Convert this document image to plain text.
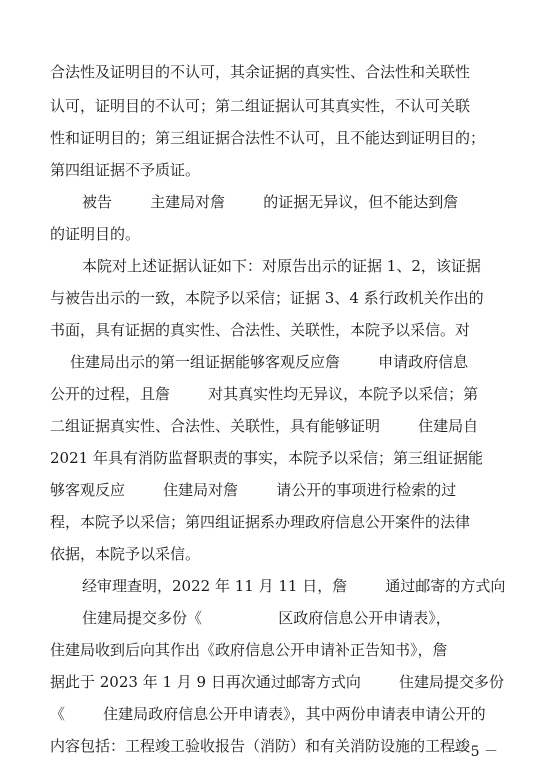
合法性及证明目的不认可，其余证据的真实性、合法性和关联性
认可，证明目的不认可；第二组证据认可其真实性，不认可关联
性和证明目的；第三组证据合法性不认可，且不能达到证明目的；
第四组证据不予质证。
被告        主建局对詹        的证据无异议，但不能达到詹
的证明目的。
本院对上述证据认证如下：对原告出示的证据 1、2，该证据
与被告出示的一致，本院予以采信；证据 3、4 系行政机关作出的
书面，具有证据的真实性、合法性、关联性，本院予以采信。对
住建局出示的第一组证据能够客观反应詹        申请政府信息
公开的过程，且詹        对其真实性均无异议，本院予以采信；第
二组证据真实性、合法性、关联性，具有能够证明        住建局自
2021 年具有消防监督职责的事实，本院予以采信；第三组证据能
够客观反应        住建局对詹        请公开的事项进行检索的过
程，本院予以采信；第四组证据系办理政府信息公开案件的法律
依据，本院予以采信。
经审理查明，2022 年 11 月 11 日，詹        通过邮寄的方式向
住建局提交多份《                区政府信息公开申请表》，
住建局收到后向其作出《政府信息公开申请补正告知书》，詹
据此于 2023 年 1 月 9 日再次通过邮寄方式向        住建局提交多份
《        住建局政府信息公开申请表》，其中两份申请表申请公开的
内容包括：工程竣工验收报告（消防）和有关消防设施的工程竣
－ 5 －
